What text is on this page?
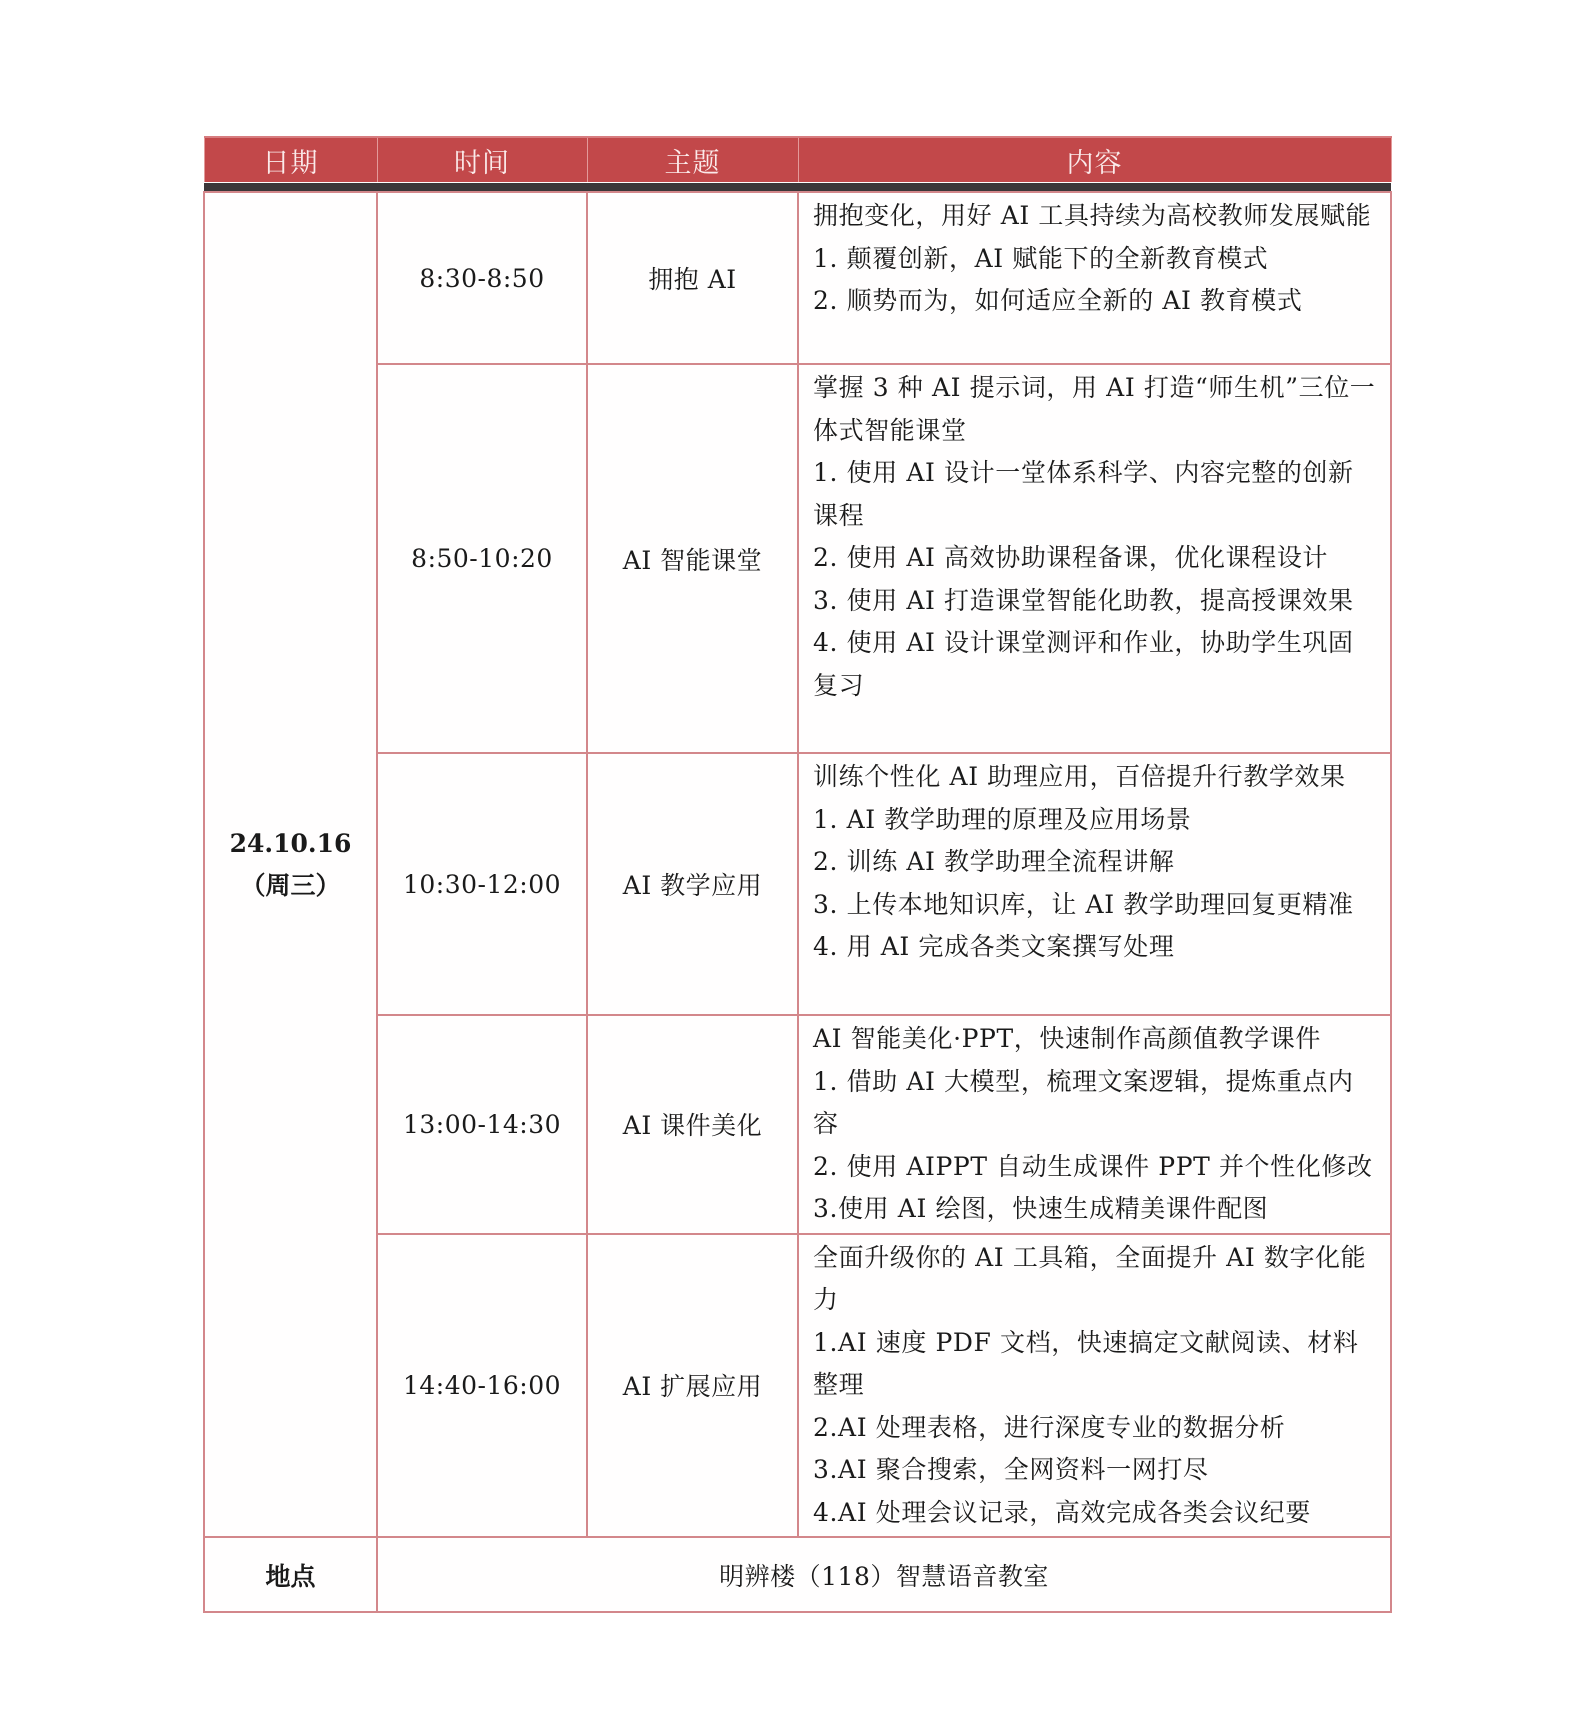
日期	时间	主题	内容

24.10.16
（周三）	8:30-8:50	拥抱 AI	拥抱变化，用好 AI 工具持续为高校教师发展赋能
1. 颠覆创新，AI 赋能下的全新教育模式
2. 顺势而为，如何适应全新的 AI 教育模式

	8:50-10:20	AI 智能课堂	掌握 3 种 AI 提示词，用 AI 打造“师生机”三位一体式智能课堂
1. 使用 AI 设计一堂体系科学、内容完整的创新课程
2. 使用 AI 高效协助课程备课，优化课程设计
3. 使用 AI 打造课堂智能化助教，提高授课效果
4. 使用 AI 设计课堂测评和作业，协助学生巩固复习

	10:30-12:00	AI 教学应用	训练个性化 AI 助理应用，百倍提升行教学效果
1. AI 教学助理的原理及应用场景
2. 训练 AI 教学助理全流程讲解
3. 上传本地知识库，让 AI 教学助理回复更精准
4. 用 AI 完成各类文案撰写处理

	13:00-14:30	AI 课件美化	AI 智能美化·PPT，快速制作高颜值教学课件
1. 借助 AI 大模型，梳理文案逻辑，提炼重点内容
2. 使用 AIPPT 自动生成课件 PPT 并个性化修改
3.使用 AI 绘图，快速生成精美课件配图

	14:40-16:00	AI 扩展应用	全面升级你的 AI 工具箱，全面提升 AI 数字化能力
1.AI 速度 PDF 文档，快速搞定文献阅读、材料整理
2.AI 处理表格，进行深度专业的数据分析
3.AI 聚合搜索，全网资料一网打尽
4.AI 处理会议记录，高效完成各类会议纪要

地点	明辨楼（118）智慧语音教室		
